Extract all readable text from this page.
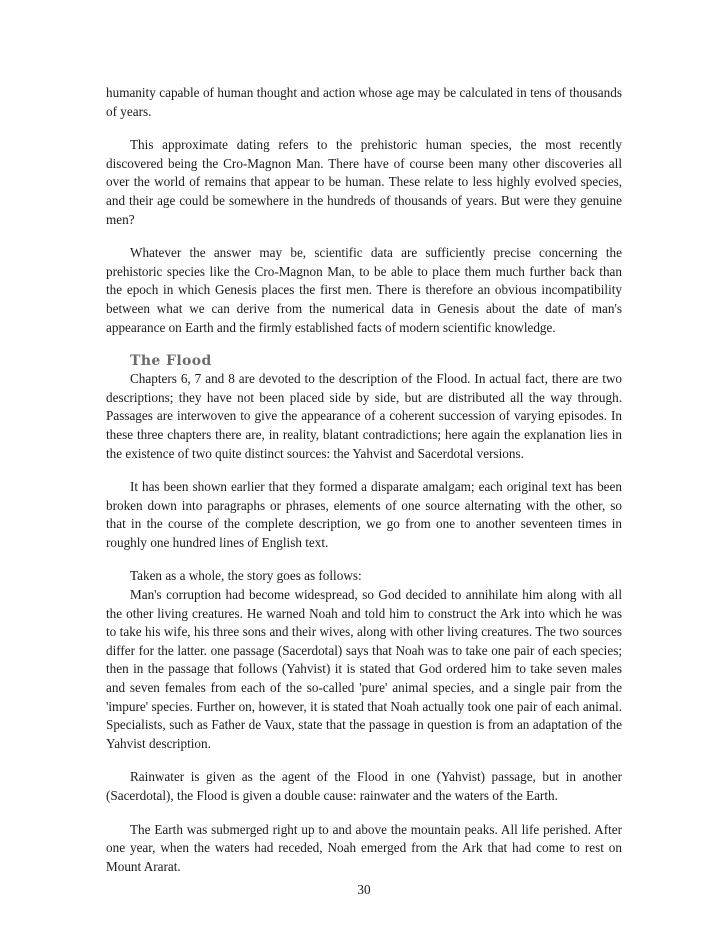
humanity capable of human thought and action whose age may be calculated in tens of thousands of years.

This approximate dating refers to the prehistoric human species, the most recently discovered being the Cro-Magnon Man. There have of course been many other discoveries all over the world of remains that appear to be human. These relate to less highly evolved species, and their age could be somewhere in the hundreds of thousands of years. But were they genuine men?

Whatever the answer may be, scientific data are sufficiently precise concerning the prehistoric species like the Cro-Magnon Man, to be able to place them much further back than the epoch in which Genesis places the first men. There is therefore an obvious incompatibility between what we can derive from the numerical data in Genesis about the date of man's appearance on Earth and the firmly established facts of modern scientific knowledge.

The Flood

Chapters 6, 7 and 8 are devoted to the description of the Flood. In actual fact, there are two descriptions; they have not been placed side by side, but are distributed all the way through. Passages are interwoven to give the appearance of a coherent succession of varying episodes. In these three chapters there are, in reality, blatant contradictions; here again the explanation lies in the existence of two quite distinct sources: the Yahvist and Sacerdotal versions.

It has been shown earlier that they formed a disparate amalgam; each original text has been broken down into paragraphs or phrases, elements of one source alternating with the other, so that in the course of the complete description, we go from one to another seventeen times in roughly one hundred lines of English text.

Taken as a whole, the story goes as follows:

Man's corruption had become widespread, so God decided to annihilate him along with all the other living creatures. He warned Noah and told him to construct the Ark into which he was to take his wife, his three sons and their wives, along with other living creatures. The two sources differ for the latter. one passage (Sacerdotal) says that Noah was to take one pair of each species; then in the passage that follows (Yahvist) it is stated that God ordered him to take seven males and seven females from each of the so-called 'pure' animal species, and a single pair from the 'impure' species. Further on, however, it is stated that Noah actually took one pair of each animal. Specialists, such as Father de Vaux, state that the passage in question is from an adaptation of the Yahvist description.

Rainwater is given as the agent of the Flood in one (Yahvist) passage, but in another (Sacerdotal), the Flood is given a double cause: rainwater and the waters of the Earth.

The Earth was submerged right up to and above the mountain peaks. All life perished. After one year, when the waters had receded, Noah emerged from the Ark that had come to rest on Mount Ararat.

30
